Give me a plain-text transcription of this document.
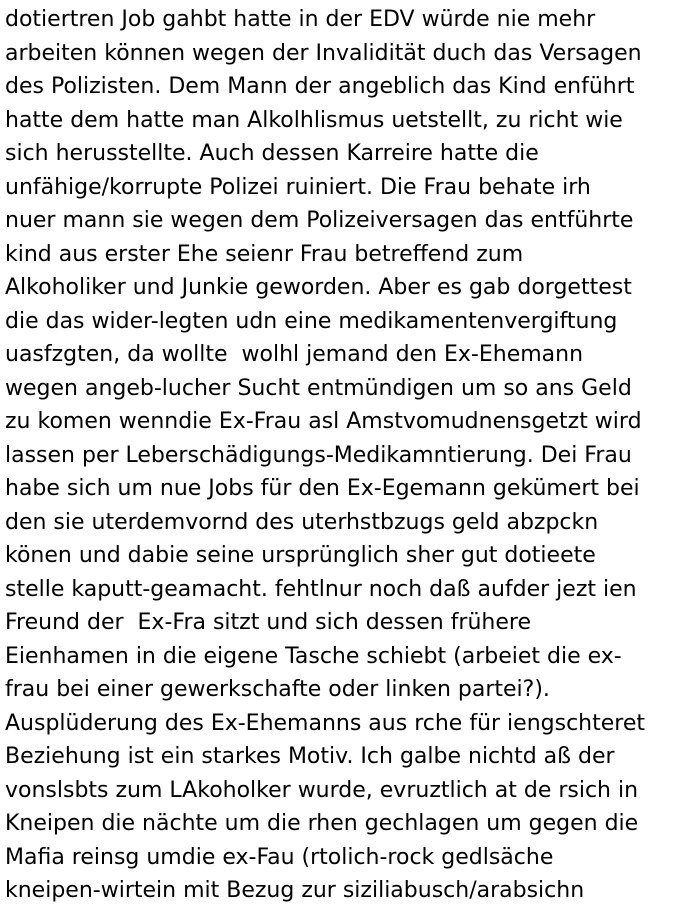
dotiertren Job gahbt hatte in der EDV würde nie mehr
arbeiten können wegen der Invalidität duch das Versagen
des Polizisten. Dem Mann der angeblich das Kind enführt
hatte dem hatte man Alkolhlismus uetstellt, zu richt wie
sich herusstellte. Auch dessen Karreire hatte die
unfähige/korrupte Polizei ruiniert. Die Frau behate irh
nuer mann sie wegen dem Polizeiversagen das entführte
kind aus erster Ehe seienr Frau betreffend zum
Alkoholiker und Junkie geworden. Aber es gab dorgettest
die das wider-legten udn eine medikamentenvergiftung
uasfzgten, da wollte  wolhl jemand den Ex-Ehemann
wegen angeb-lucher Sucht entmündigen um so ans Geld
zu komen wenndie Ex-Frau asl Amstvomudnensgetzt wird
lassen per Leberschädigungs-Medikamntierung. Dei Frau
habe sich um nue Jobs für den Ex-Egemann gekümert bei
den sie uterdemvornd des uterhstbzugs geld abzpckn
könen und dabie seine ursprünglich sher gut dotieete
stelle kaputt-geamacht. fehtlnur noch daß aufder jezt ien
Freund der  Ex-Fra sitzt und sich dessen frühere
Eienhamen in die eigene Tasche schiebt (arbeiet die ex-
frau bei einer gewerkschafte oder linken partei?).
Ausplüderung des Ex-Ehemanns aus rche für iengschteret
Beziehung ist ein starkes Motiv. Ich galbe nichtd aß der
vonslsbts zum LAkoholker wurde, evruztlich at de rsich in
Kneipen die nächte um die rhen gechlagen um gegen die
Mafia reinsg umdie ex-Fau (rtolich-rock gedlsäche
kneipen-wirtein mit Bezug zur siziliabusch/arabsichn
